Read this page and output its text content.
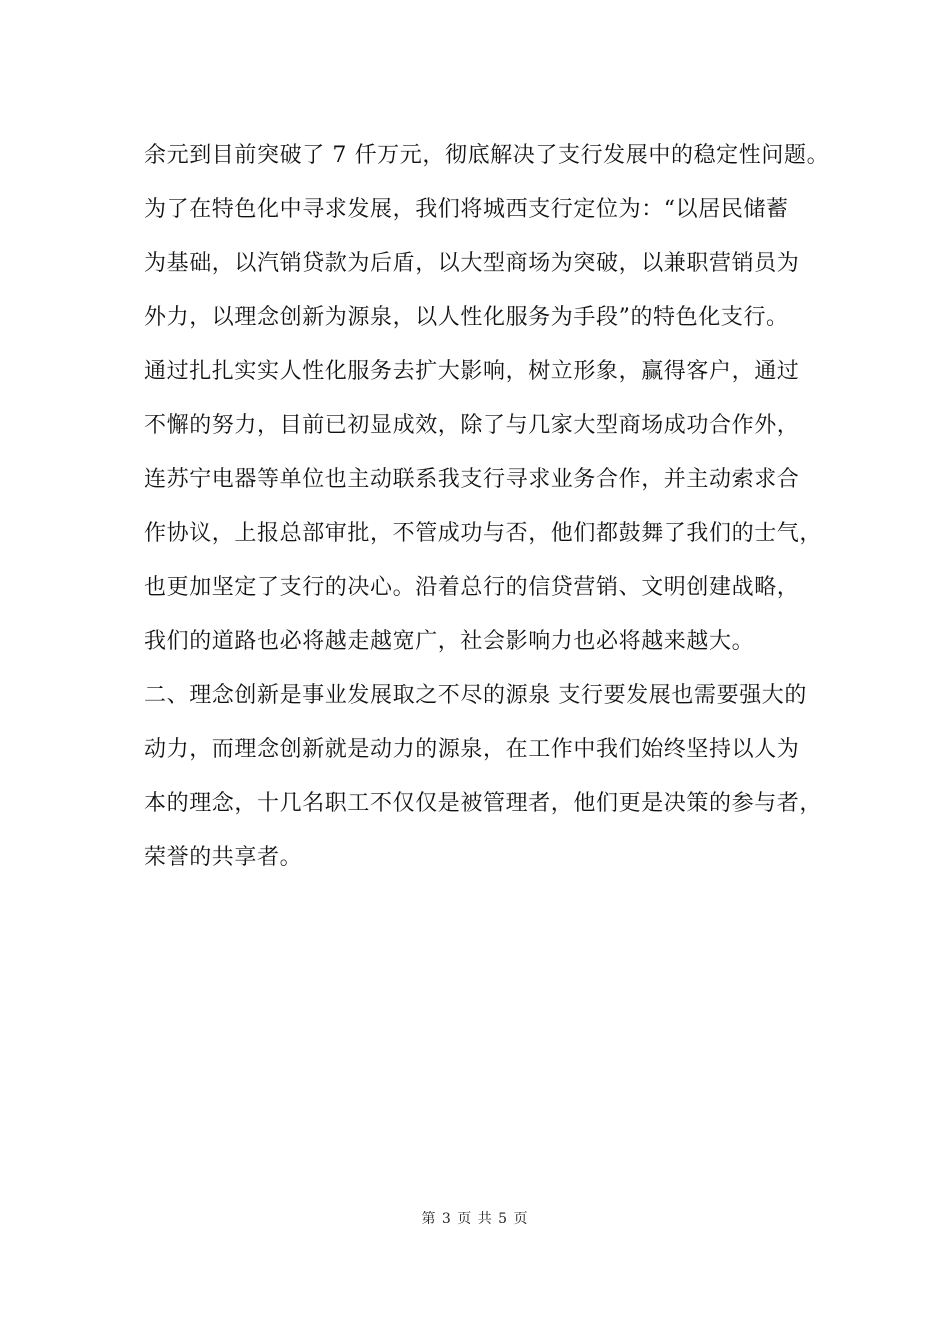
余元到目前突破了 7 仟万元，彻底解决了支行发展中的稳定性问题。
为了在特色化中寻求发展，我们将城西支行定位为：“以居民储蓄
为基础，以汽销贷款为后盾，以大型商场为突破，以兼职营销员为
外力，以理念创新为源泉，以人性化服务为手段”的特色化支行。
通过扎扎实实人性化服务去扩大影响，树立形象，赢得客户，通过
不懈的努力，目前已初显成效，除了与几家大型商场成功合作外，
连苏宁电器等单位也主动联系我支行寻求业务合作，并主动索求合
作协议，上报总部审批，不管成功与否，他们都鼓舞了我们的士气，
也更加坚定了支行的决心。沿着总行的信贷营销、文明创建战略，
我们的道路也必将越走越宽广，社会影响力也必将越来越大。
二、理念创新是事业发展取之不尽的源泉 支行要发展也需要强大的
动力，而理念创新就是动力的源泉，在工作中我们始终坚持以人为
本的理念，十几名职工不仅仅是被管理者，他们更是决策的参与者，
荣誉的共享者。
第 3 页 共 5 页
